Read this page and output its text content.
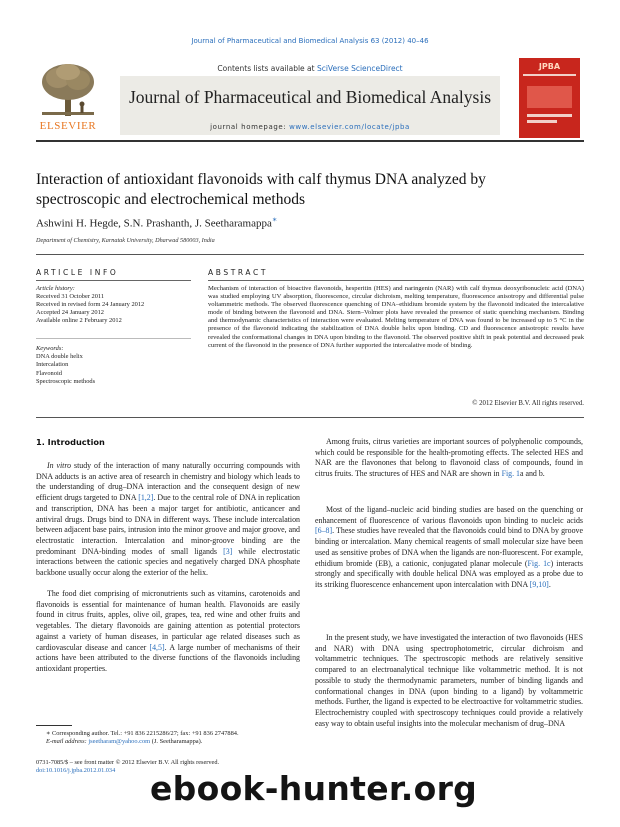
Journal of Pharmaceutical and Biomedical Analysis 63 (2012) 40–46
ELSEVIER
Contents lists available at SciVerse ScienceDirect
Journal of Pharmaceutical and Biomedical Analysis
journal homepage: www.elsevier.com/locate/jpba
JPBA
Interaction of antioxidant flavonoids with calf thymus DNA analyzed by spectroscopic and electrochemical methods
Ashwini H. Hegde, S.N. Prashanth, J. Seetharamappa∗
Department of Chemistry, Karnatak University, Dharwad 580003, India
ARTICLE INFO
Article history:
Received 31 October 2011
Received in revised form 24 January 2012
Accepted 24 January 2012
Available online 2 February 2012
Keywords:
DNA double helix
Intercalation
Flavonoid
Spectroscopic methods
ABSTRACT
Mechanism of interaction of bioactive flavonoids, hesperitin (HES) and naringenin (NAR) with calf thymus deoxyribonucleic acid (DNA) was studied employing UV absorption, fluorescence, circular dichroism, melting temperature, fluorescence anisotropy and differential pulse voltammetric methods. The observed fluorescence quenching of DNA–ethidium bromide system by the flavonoid indicated the intercalative mode of binding between the flavonoid and DNA. Stern–Volmer plots have revealed the presence of static quenching mechanism. Binding and thermodynamic characteristics of interaction were evaluated. Melting temperature of DNA was found to be increased up to 5 °C in the presence of the flavonoid indicating the stabilization of DNA double helix upon binding. CD and fluorescence anisotropic results have revealed the conformational changes in DNA upon binding to the flavonoid. The observed positive shift in peak potential and decreased peak current of the flavonoid in the presence of DNA further supported the intercalative mode of binding.
© 2012 Elsevier B.V. All rights reserved.
1. Introduction

In vitro study of the interaction of many naturally occurring compounds with DNA adducts is an active area of research in chemistry and biology which leads to the understanding of drug–DNA interaction and the consequent design of new efficient drugs targeted to DNA [1,2]. Due to the central role of DNA in replication and transcription, DNA has been a major target for antibiotic, anticancer and antiviral drugs. Drugs bind to DNA in different ways. These include intercalation between adjacent base pairs, intrusion into the minor groove and major groove, and electrostatic interaction. Intercalation and minor-groove binding are the predominant DNA-binding modes of small ligands [3] while electrostatic interactions between the cationic species and negatively charged DNA phosphate backbone usually occur along the exterior of the helix.

The food diet comprising of micronutrients such as vitamins, carotenoids and flavonoids is essential for maintenance of human health. Flavonoids are easily found in citrus fruits, apples, olive oil, grapes, tea, red wine and other fruits and vegetables. The dietary flavonoids are gaining attention as potential protectors against a variety of human diseases, in particular age related diseases such as cardiovascular disease and cancer [4,5]. A large number of mechanisms of their actions have been attributed to the diverse functions of the flavonoids including antioxidant properties.

Among fruits, citrus varieties are important sources of polyphenolic compounds, which could be responsible for the health-promoting effects. The selected HES and NAR are the flavonones that belong to flavonoid class of compounds, found in citrus fruits. The structures of HES and NAR are shown in Fig. 1a and b.

Most of the ligand–nucleic acid binding studies are based on the quenching or enhancement of fluorescence of various flavonoids upon binding to nucleic acids [6–8]. These studies have revealed that the flavonoids could bind to DNA by groove binding or intercalation. Many chemical reagents of small molecular size have been used as sensitive probes of DNA when the ligands are non-fluorescent. For example, ethidium bromide (EB), a cationic, conjugated planar molecule (Fig. 1c) interacts strongly and specifically with double helical DNA was employed as a probe due to its striking fluorescence enhancement upon intercalation with DNA [9,10].

In the present study, we have investigated the interaction of two flavonoids (HES and NAR) with DNA using spectrophotometric, circular dichroism and voltammetric techniques. The spectroscopic methods are relatively sensitive compared to an electroanalytical technique like voltammetric method. It is not possible to study the thermodynamic parameters, number of binding ligands and conformational changes in DNA (upon binding to a ligand) by voltammetric methods. Further, the ligand is expected to be electroactive for voltammetric studies. Electrochemistry coupled with spectroscopy techniques could provide a relatively easy way to obtain useful insights into the molecular mechanism of drug–DNA

∗ Corresponding author. Tel.: +91 836 2215286/27; fax: +91 836 2747884.
E-mail address: jseetharam@yahoo.com (J. Seetharamappa).
0731-7085/$ – see front matter © 2012 Elsevier B.V. All rights reserved.
doi:10.1016/j.jpba.2012.01.034	ebook-hunter.org
